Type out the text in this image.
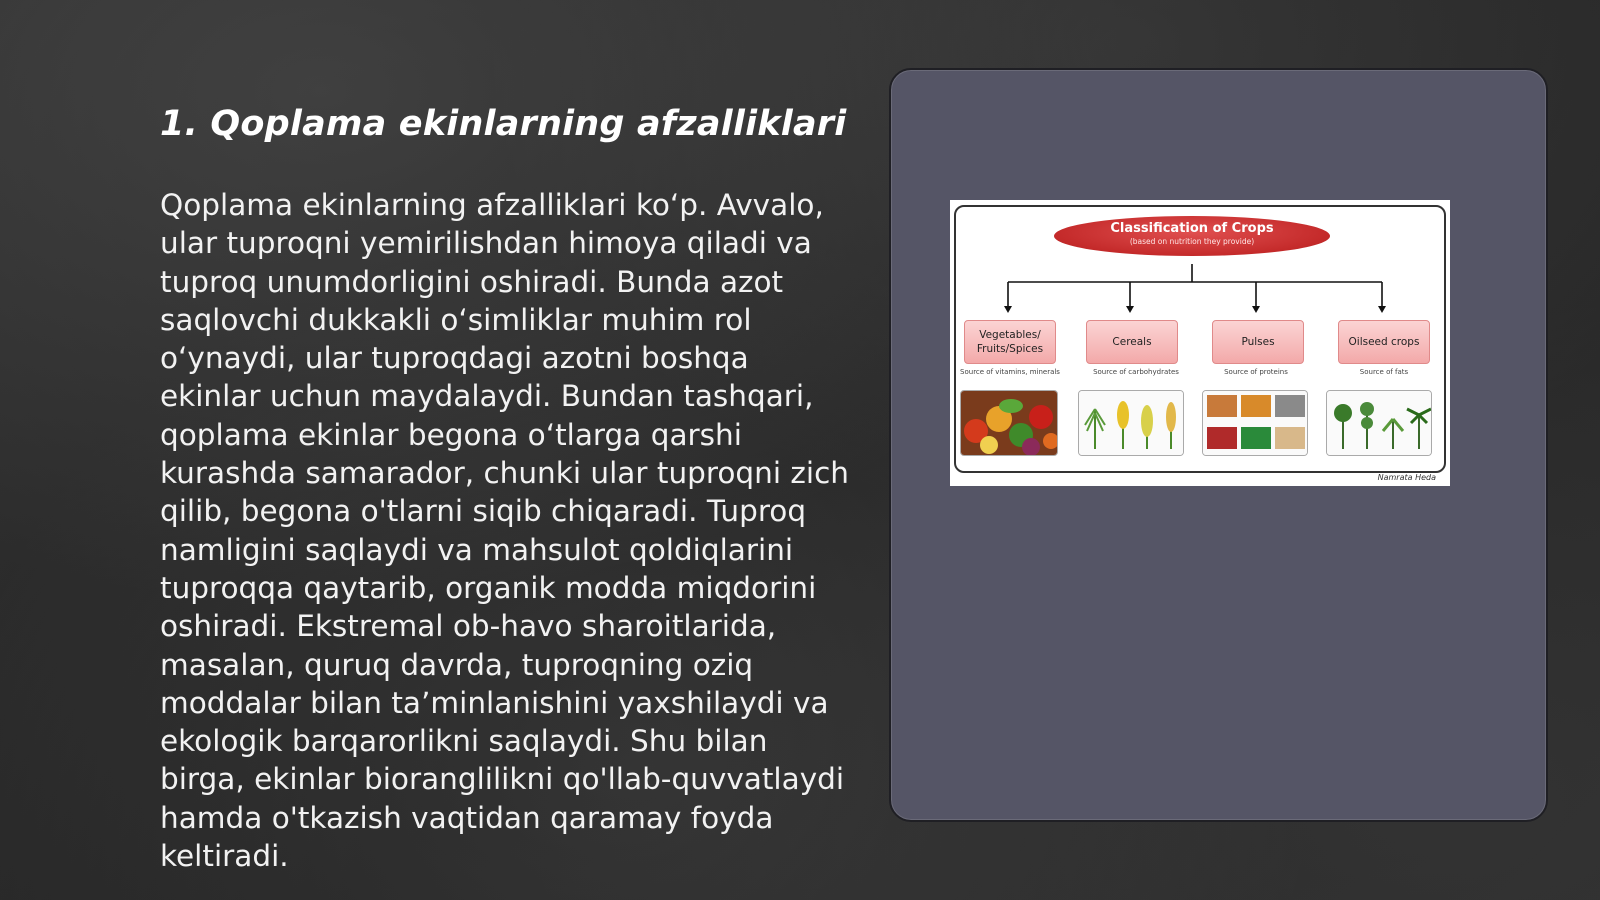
1. Qoplama ekinlarning afzalliklari

Qoplama ekinlarning afzalliklari ko‘p. Avvalo, ular tuproqni yemirilishdan himoya qiladi va tuproq unumdorligini oshiradi. Bunda azot saqlovchi dukkakli o‘simliklar muhim rol o‘ynaydi, ular tuproqdagi azotni boshqa ekinlar uchun maydalaydi. Bundan tashqari, qoplama ekinlar begona o‘tlarga qarshi kurashda samarador, chunki ular tuproqni zich qilib, begona o'tlarni siqib chiqaradi. Tuproq namligini saqlaydi va mahsulot qoldiqlarini tuproqqa qaytarib, organik modda miqdorini oshiradi. Ekstremal ob-havo sharoitlarida, masalan, quruq davrda, tuproqning oziq moddalar bilan ta’minlanishini yaxshilaydi va ekologik barqarorlikni saqlaydi. Shu bilan birga, ekinlar bioranglilikni qo'llab-quvvatlaydi hamda o'tkazish vaqtidan qaramay foyda keltiradi.

Classification of Crops
(based on nutrition they provide)
Vegetables/ Fruits/Spices
Cereals	Pulses	Oilseed crops
Source of vitamins, minerals	Source of carbohydrates	Source of proteins	Source of fats
Namrata Heda
